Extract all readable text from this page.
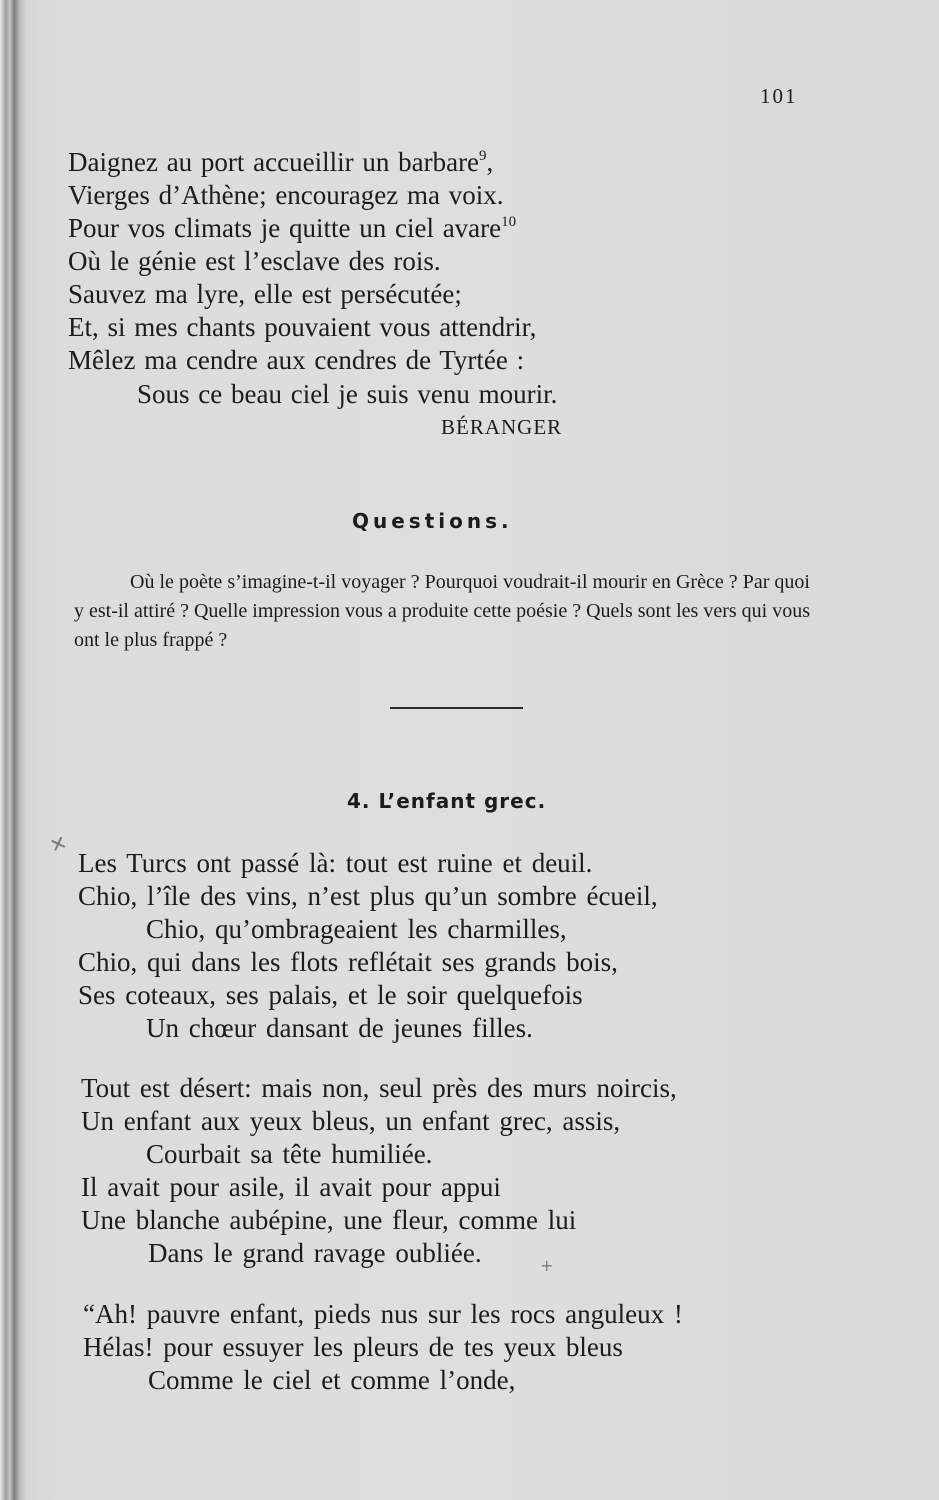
101

Daignez au port accueillir un barbare$^9$,

Vierges d’Athène; encouragez ma voix.

Pour vos climats je quitte un ciel avare$^{10}$

Où le génie est l’esclave des rois.

Sauvez ma lyre, elle est persécutée;

Et, si mes chants pouvaient vous attendrir,

Mêlez ma cendre aux cendres de Tyrtée :

Sous ce beau ciel je suis venu mourir.

BÉRANGER
Questions.

Où le poète s’imagine-t-il voyager ? Pourquoi voudrait-il mourir en Grèce ? Par quoi y est-il attiré ? Quelle impression vous a produite cette poésie ? Quels sont les vers qui vous ont le plus frappé ?

4. L’enfant grec.

Les Turcs ont passé là: tout est ruine et deuil.

Chio, l’île des vins, n’est plus qu’un sombre écueil,

Chio, qu’ombrageaient les charmilles,

Chio, qui dans les flots reflétait ses grands bois,

Ses coteaux, ses palais, et le soir quelquefois

Un chœur dansant de jeunes filles.

Tout est désert: mais non, seul près des murs noircis,

Un enfant aux yeux bleus, un enfant grec, assis,

Courbait sa tête humiliée.

Il avait pour asile, il avait pour appui

Une blanche aubépine, une fleur, comme lui

Dans le grand ravage oubliée.

“Ah! pauvre enfant, pieds nus sur les rocs anguleux !

Hélas! pour essuyer les pleurs de tes yeux bleus

Comme le ciel et comme l’onde,

✕
+
